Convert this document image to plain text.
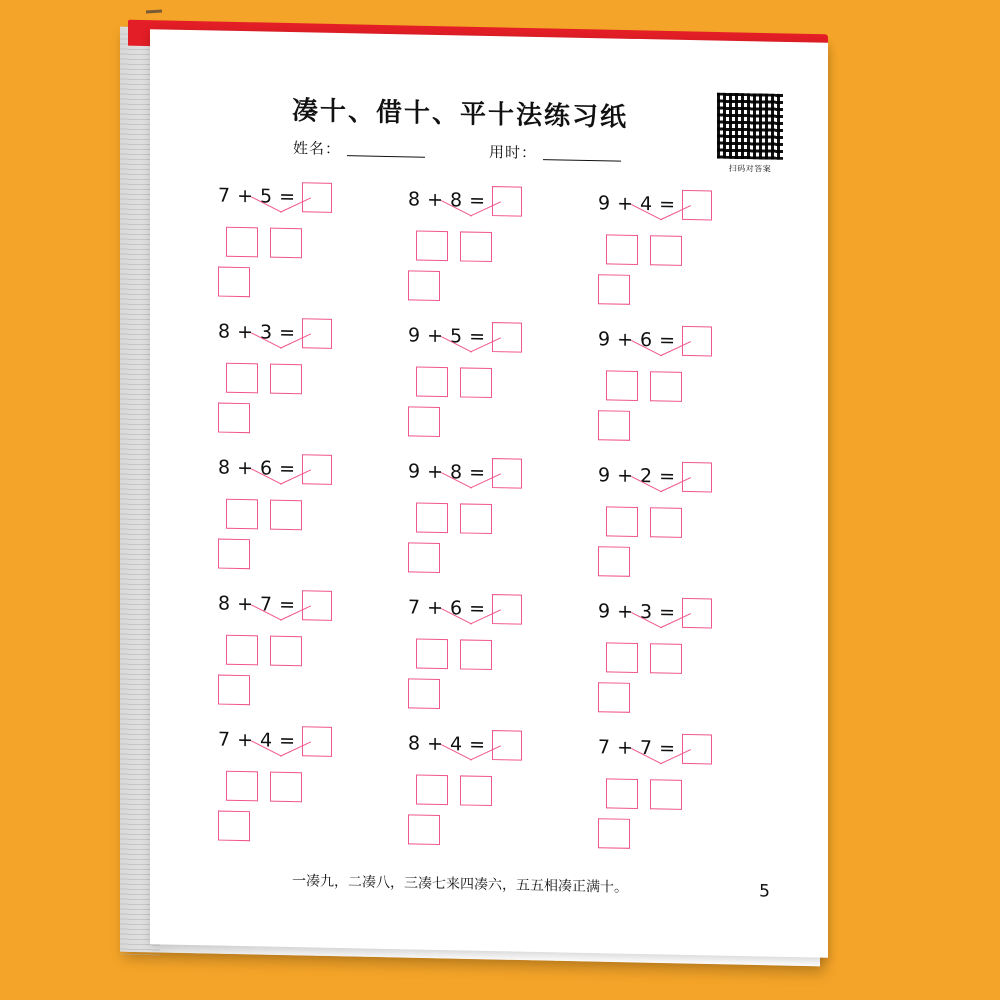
凑十、借十、平十法练习纸
姓名：	用时：
扫码对答案
7 + 5 =	8 + 8 =	9 + 4 =
8 + 3 =	9 + 5 =	9 + 6 =
8 + 6 =	9 + 8 =	9 + 2 =
8 + 7 =	7 + 6 =	9 + 3 =
7 + 4 =	8 + 4 =	7 + 7 =
一凑九，二凑八，三凑七来四凑六，五五相凑正满十。	5
